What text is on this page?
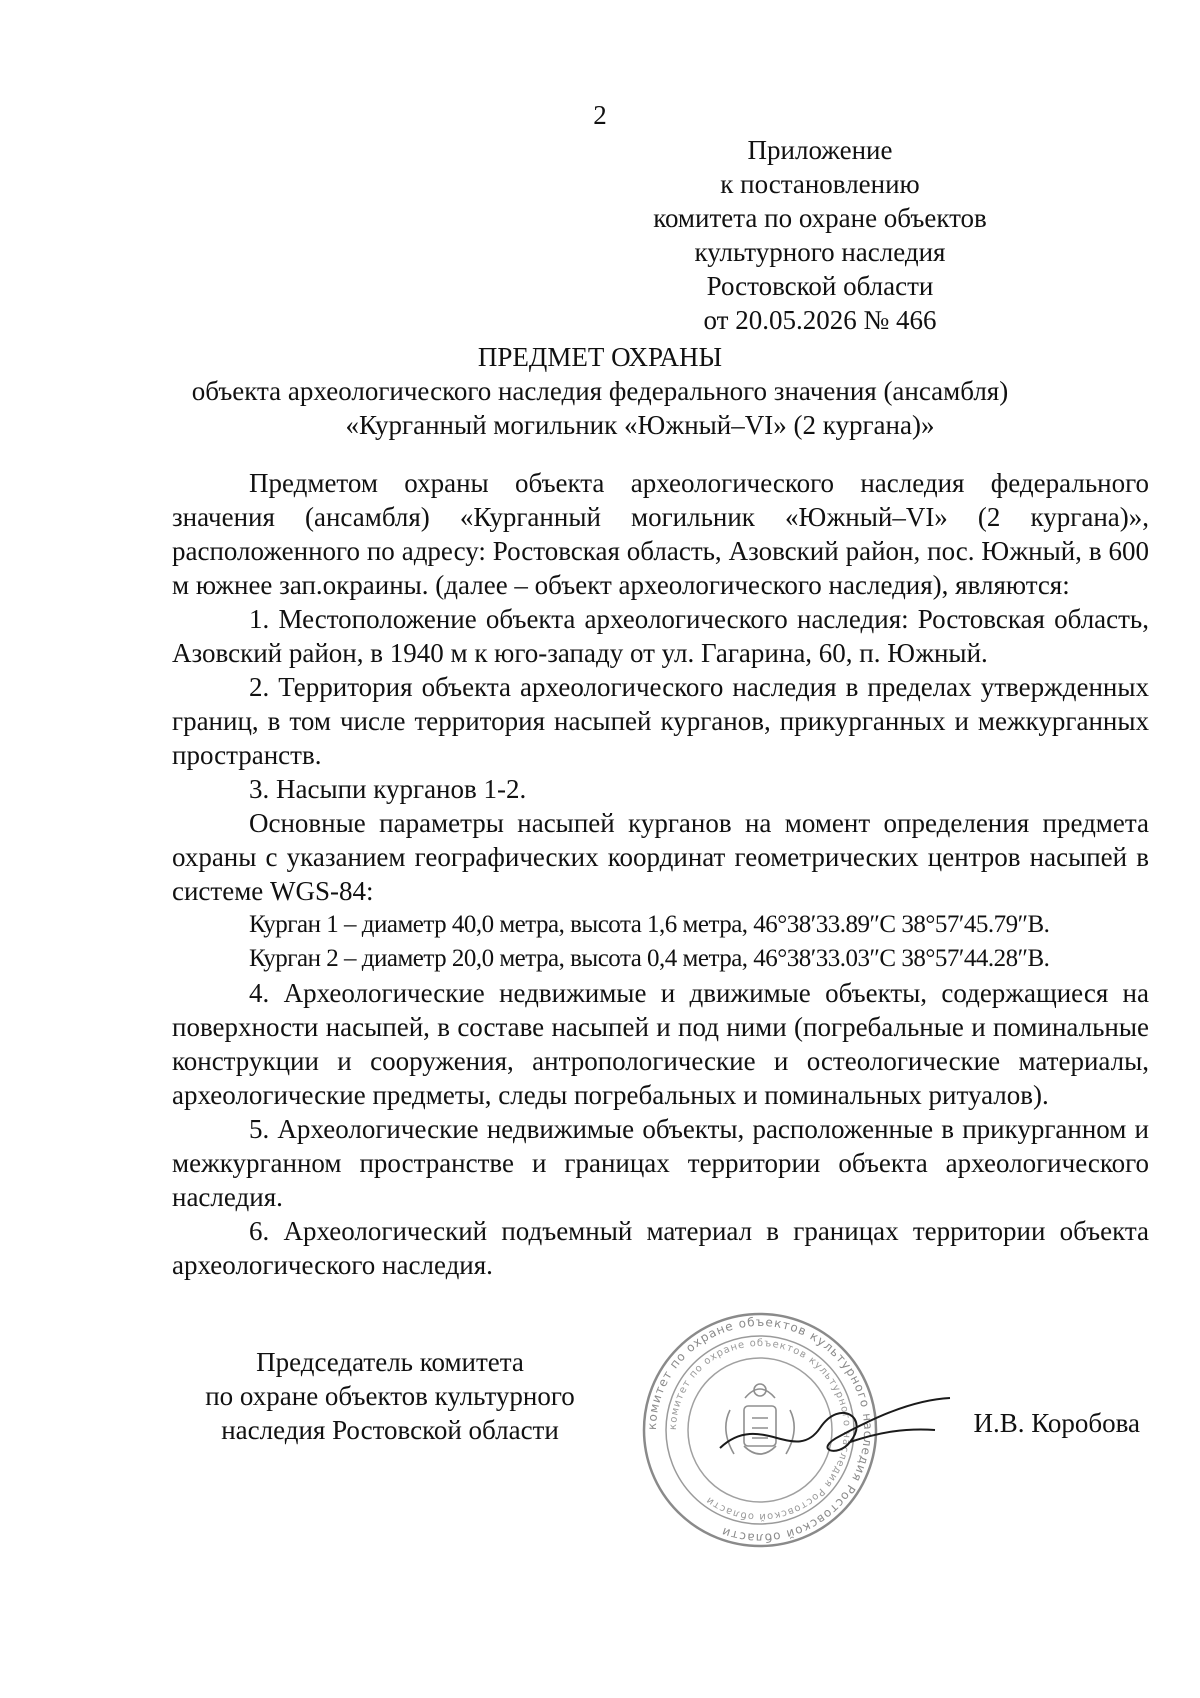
2
Приложение
к постановлению
комитета по охране объектов
культурного наследия
Ростовской области
от 20.05.2026 № 466
ПРЕДМЕТ ОХРАНЫ
объекта археологического наследия федерального значения (ансамбля)
«Курганный могильник «Южный–VI» (2 кургана)»

Предметом охраны объекта археологического наследия федерального значения (ансамбля) «Курганный могильник «Южный–VI» (2 кургана)», расположенного по адресу: Ростовская область, Азовский район, пос. Южный, в 600 м южнее зап.окраины. (далее – объект археологического наследия), являются:

1. Местоположение объекта археологического наследия: Ростовская область, Азовский район, в 1940 м к юго-западу от ул. Гагарина, 60, п. Южный.

2. Территория объекта археологического наследия в пределах утвержденных границ, в том числе территория насыпей курганов, прикурганных и межкурганных пространств.

3. Насыпи курганов 1-2.

Основные параметры насыпей курганов на момент определения предмета охраны с указанием географических координат геометрических центров насыпей в системе WGS-84:

Курган 1 – диаметр 40,0 метра, высота 1,6 метра, 46°38′33.89″С 38°57′45.79″В.

Курган 2 – диаметр 20,0 метра, высота 0,4 метра, 46°38′33.03″С 38°57′44.28″В.

4. Археологические недвижимые и движимые объекты, содержащиеся на поверхности насыпей, в составе насыпей и под ними (погребальные и поминальные конструкции и сооружения, антропологические и остеологические материалы, археологические предметы, следы погребальных и поминальных ритуалов).

5. Археологические недвижимые объекты, расположенные в прикурганном и межкурганном пространстве и границах территории объекта археологического наследия.

6. Археологический подъемный материал в границах территории объекта археологического наследия.

Председатель комитета
по охране объектов культурного
наследия Ростовской области	комитет по охране объектов культурного наследия Ростовской области
комитет по охране объектов культурного наследия Ростовской области
И.В. Коробова
